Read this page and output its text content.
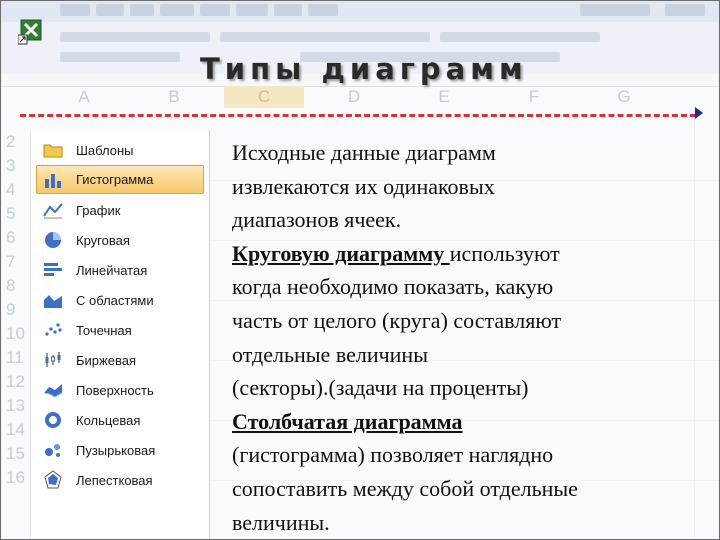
A	B	C	D	E	F	G
2
3
4
5
6
7
8
9
10
11
12
13
14
15
16
Типы диаграмм
Шаблоны
Гистограмма
График
Круговая
Линейчатая
С областями
Точечная
Биржевая
Поверхность
Кольцевая
Пузырьковая
Лепестковая

Исходные данные диаграмм

извлекаются их одинаковых

диапазонов ячеек.

Круговую диаграмму используют

когда необходимо показать, какую

часть от целого (круга) составляют

отдельные величины

(секторы).(задачи на проценты)

Столбчатая диаграмма

(гистограмма) позволяет наглядно

сопоставить между собой отдельные

величины.
